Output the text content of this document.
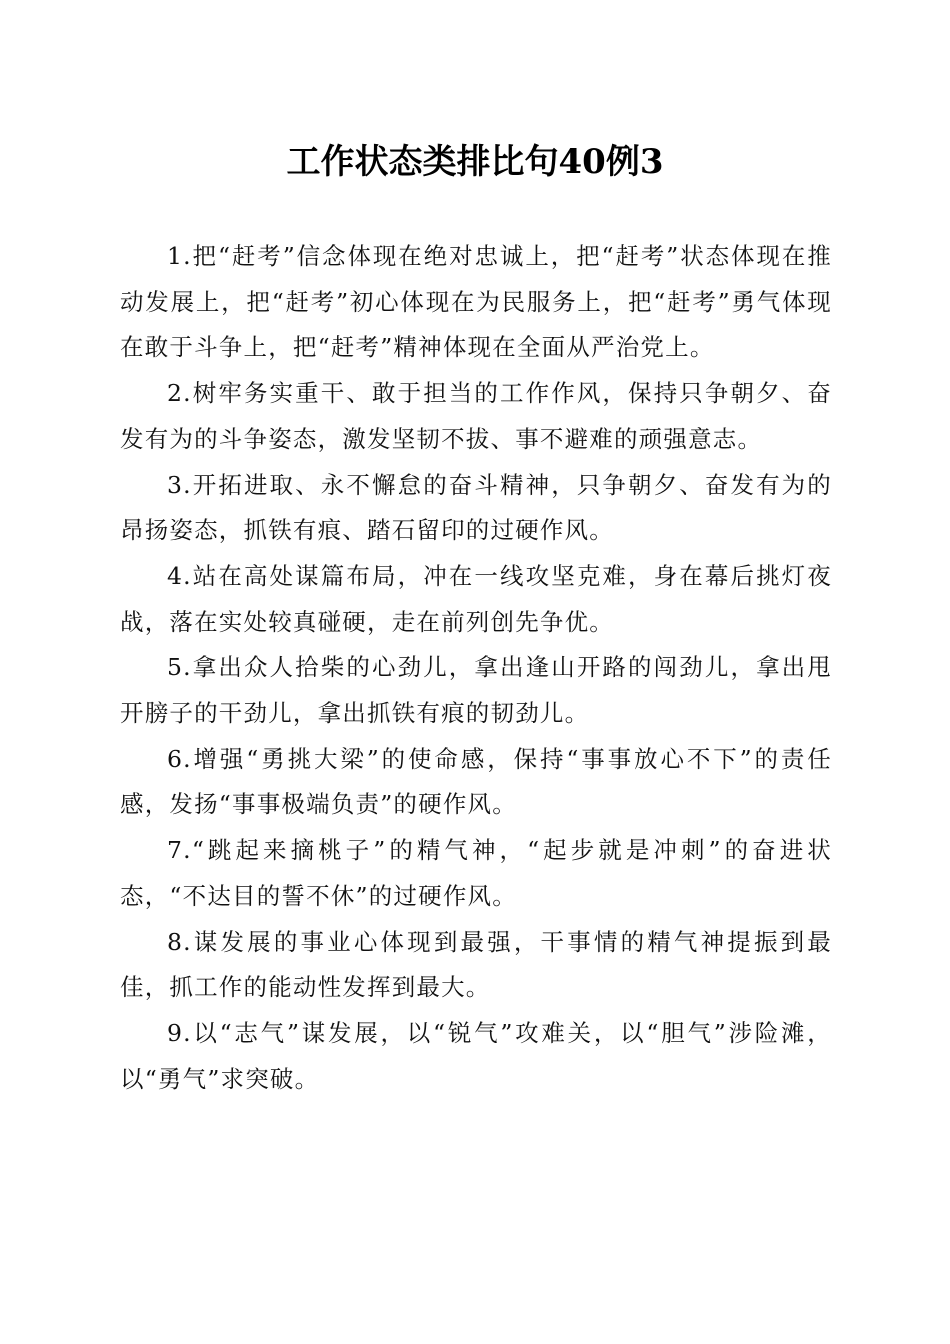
工作状态类排比句40例3

1.把“赶考”信念体现在绝对忠诚上，把“赶考”状态体现在推动发展上，把“赶考”初心体现在为民服务上，把“赶考”勇气体现在敢于斗争上，把“赶考”精神体现在全面从严治党上。

2.树牢务实重干、敢于担当的工作作风，保持只争朝夕、奋发有为的斗争姿态，激发坚韧不拔、事不避难的顽强意志。

3.开拓进取、永不懈怠的奋斗精神，只争朝夕、奋发有为的昂扬姿态，抓铁有痕、踏石留印的过硬作风。

4.站在高处谋篇布局，冲在一线攻坚克难，身在幕后挑灯夜战，落在实处较真碰硬，走在前列创先争优。

5.拿出众人拾柴的心劲儿，拿出逢山开路的闯劲儿，拿出甩开膀子的干劲儿，拿出抓铁有痕的韧劲儿。

6.增强“勇挑大梁”的使命感，保持“事事放心不下”的责任感，发扬“事事极端负责”的硬作风。

7.“跳起来摘桃子”的精气神，“起步就是冲刺”的奋进状态，“不达目的誓不休”的过硬作风。

8.谋发展的事业心体现到最强，干事情的精气神提振到最佳，抓工作的能动性发挥到最大。

9.以“志气”谋发展，以“锐气”攻难关，以“胆气”涉险滩，以“勇气”求突破。
